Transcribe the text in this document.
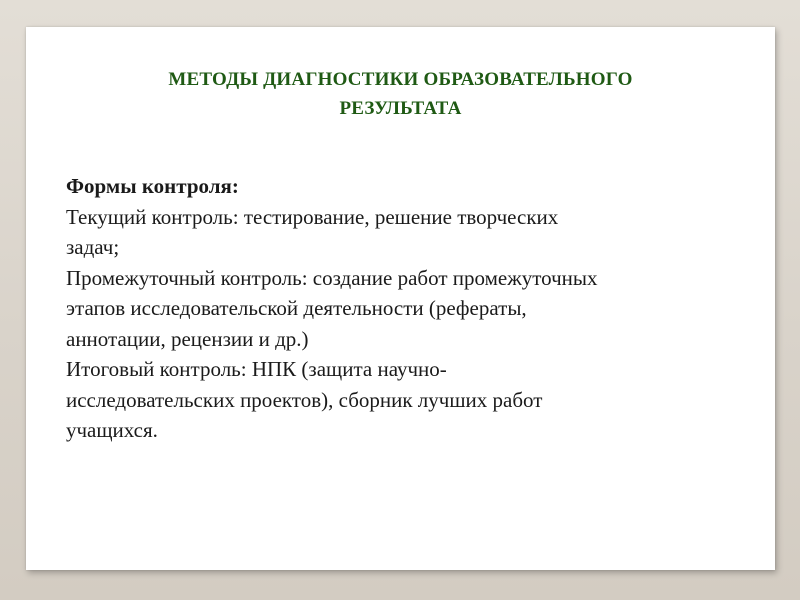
МЕТОДЫ ДИАГНОСТИКИ ОБРАЗОВАТЕЛЬНОГО
РЕЗУЛЬТАТА
Формы контроля:
Текущий контроль: тестирование, решение творческих
задач;
Промежуточный контроль: создание работ промежуточных
этапов исследовательской деятельности (рефераты,
аннотации, рецензии и др.)
Итоговый контроль: НПК (защита научно-
исследовательских проектов), сборник лучших работ
учащихся.
